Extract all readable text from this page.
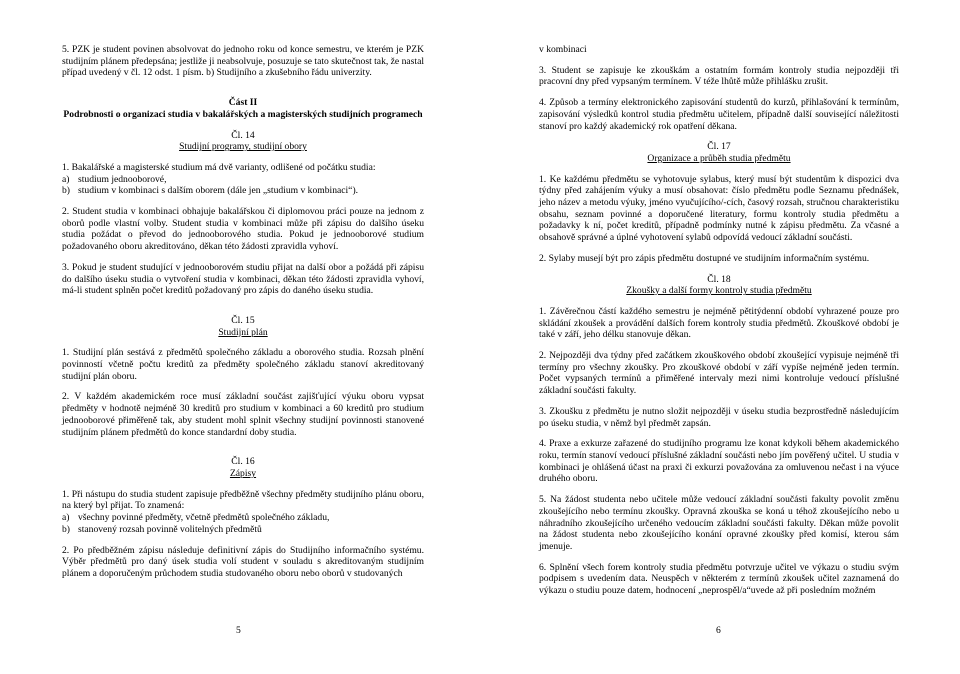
5. PZK je student povinen absolvovat do jednoho roku od konce semestru, ve kterém je PZK studijním plánem předepsána; jestliže ji neabsolvuje, posuzuje se tato skutečnost tak, že nastal případ uvedený v čl. 12 odst. 1 písm. b) Studijního a zkušebního řádu univerzity.

Část II

Podrobnosti o organizaci studia v bakalářských a magisterských studijních programech

Čl. 14

Studijní programy, studijní obory

1. Bakalářské a magisterské studium má dvě varianty, odlišené od počátku studia:

a) studium jednooborové,
b) studium v kombinaci s dalším oborem (dále jen „studium v kombinaci“).

2. Student studia v kombinaci obhajuje bakalářskou či diplomovou práci pouze na jednom z oborů podle vlastní volby. Student studia v kombinaci může při zápisu do dalšího úseku studia požádat o převod do jednooborového studia. Pokud je jednooborové studium požadovaného oboru akreditováno, děkan této žádosti zpravidla vyhoví.

3. Pokud je student studující v jednooborovém studiu přijat na další obor a požádá při zápisu do dalšího úseku studia o vytvoření studia v kombinaci, děkan této žádosti zpravidla vyhoví, má-li student splněn počet kreditů požadovaný pro zápis do daného úseku studia.

Čl. 15

Studijní plán

1. Studijní plán sestává z předmětů společného základu a oborového studia. Rozsah plnění povinností včetně počtu kreditů za předměty společného základu stanoví akreditovaný studijní plán oboru.

2. V každém akademickém roce musí základní součást zajišťující výuku oboru vypsat předměty v hodnotě nejméně 30 kreditů pro studium v kombinaci a 60 kreditů pro studium jednooborové přiměřeně tak, aby student mohl splnit všechny studijní povinnosti stanovené studijním plánem předmětů do konce standardní doby studia.

Čl. 16

Zápisy

1. Při nástupu do studia student zapisuje předběžně všechny předměty studijního plánu oboru, na který byl přijat. To znamená:

a) všechny povinné předměty, včetně předmětů společného základu,
b) stanovený rozsah povinně volitelných předmětů

2. Po předběžném zápisu následuje definitivní zápis do Studijního informačního systému. Výběr předmětů pro daný úsek studia volí student v souladu s akreditovaným studijním plánem a doporučeným průchodem studia studovaného oboru nebo oborů v studovaných

5

v kombinaci

3. Student se zapisuje ke zkouškám a ostatním formám kontroly studia nejpozději tři pracovní dny před vypsaným termínem. V téže lhůtě může přihlášku zrušit.

4. Způsob a termíny elektronického zapisování studentů do kurzů, přihlašování k termínům, zapisování výsledků kontrol studia předmětu učitelem, případně další související náležitosti stanoví pro každý akademický rok opatření děkana.

Čl. 17

Organizace a průběh studia předmětu

1. Ke každému předmětu se vyhotovuje sylabus, který musí být studentům k dispozici dva týdny před zahájením výuky a musí obsahovat: číslo předmětu podle Seznamu přednášek, jeho název a metodu výuky, jméno vyučujícího/-cích, časový rozsah, stručnou charakteristiku obsahu, seznam povinné a doporučené literatury, formu kontroly studia předmětu a požadavky k ní, počet kreditů, případně podmínky nutné k zápisu předmětu. Za včasné a obsahově správné a úplné vyhotovení sylabů odpovídá vedoucí základní součásti.

2. Sylaby musejí být pro zápis předmětu dostupné ve studijním informačním systému.

Čl. 18

Zkoušky a další formy kontroly studia předmětu

1. Závěrečnou částí každého semestru je nejméně pětitýdenní období vyhrazené pouze pro skládání zkoušek a provádění dalších forem kontroly studia předmětů. Zkouškové období je také v září, jeho délku stanovuje děkan.

2. Nejpozději dva týdny před začátkem zkouškového období zkoušející vypisuje nejméně tři termíny pro všechny zkoušky. Pro zkouškové období v září vypíše nejméně jeden termín. Počet vypsaných termínů a přiměřené intervaly mezi nimi kontroluje vedoucí příslušné základní součásti fakulty.

3. Zkoušku z předmětu je nutno složit nejpozději v úseku studia bezprostředně následujícím po úseku studia, v němž byl předmět zapsán.

4. Praxe a exkurze zařazené do studijního programu lze konat kdykoli během akademického roku, termín stanoví vedoucí příslušné základní součásti nebo jím pověřený učitel. U studia v kombinaci je ohlášená účast na praxi či exkurzi považována za omluvenou nečast i na výuce druhého oboru.

5. Na žádost studenta nebo učitele může vedoucí základní součásti fakulty povolit změnu zkoušejícího nebo termínu zkoušky. Opravná zkouška se koná u téhož zkoušejícího nebo u náhradního zkoušejícího určeného vedoucím základní součásti fakulty. Děkan může povolit na žádost studenta nebo zkoušejícího konání opravné zkoušky před komisí, kterou sám jmenuje.

6. Splnění všech forem kontroly studia předmětu potvrzuje učitel ve výkazu o studiu svým podpisem s uvedením data. Neuspěch v některém z termínů zkoušek učitel zaznamená do výkazu o studiu pouze datem, hodnocení „neprospěl/a“uvede až při posledním možném

6
